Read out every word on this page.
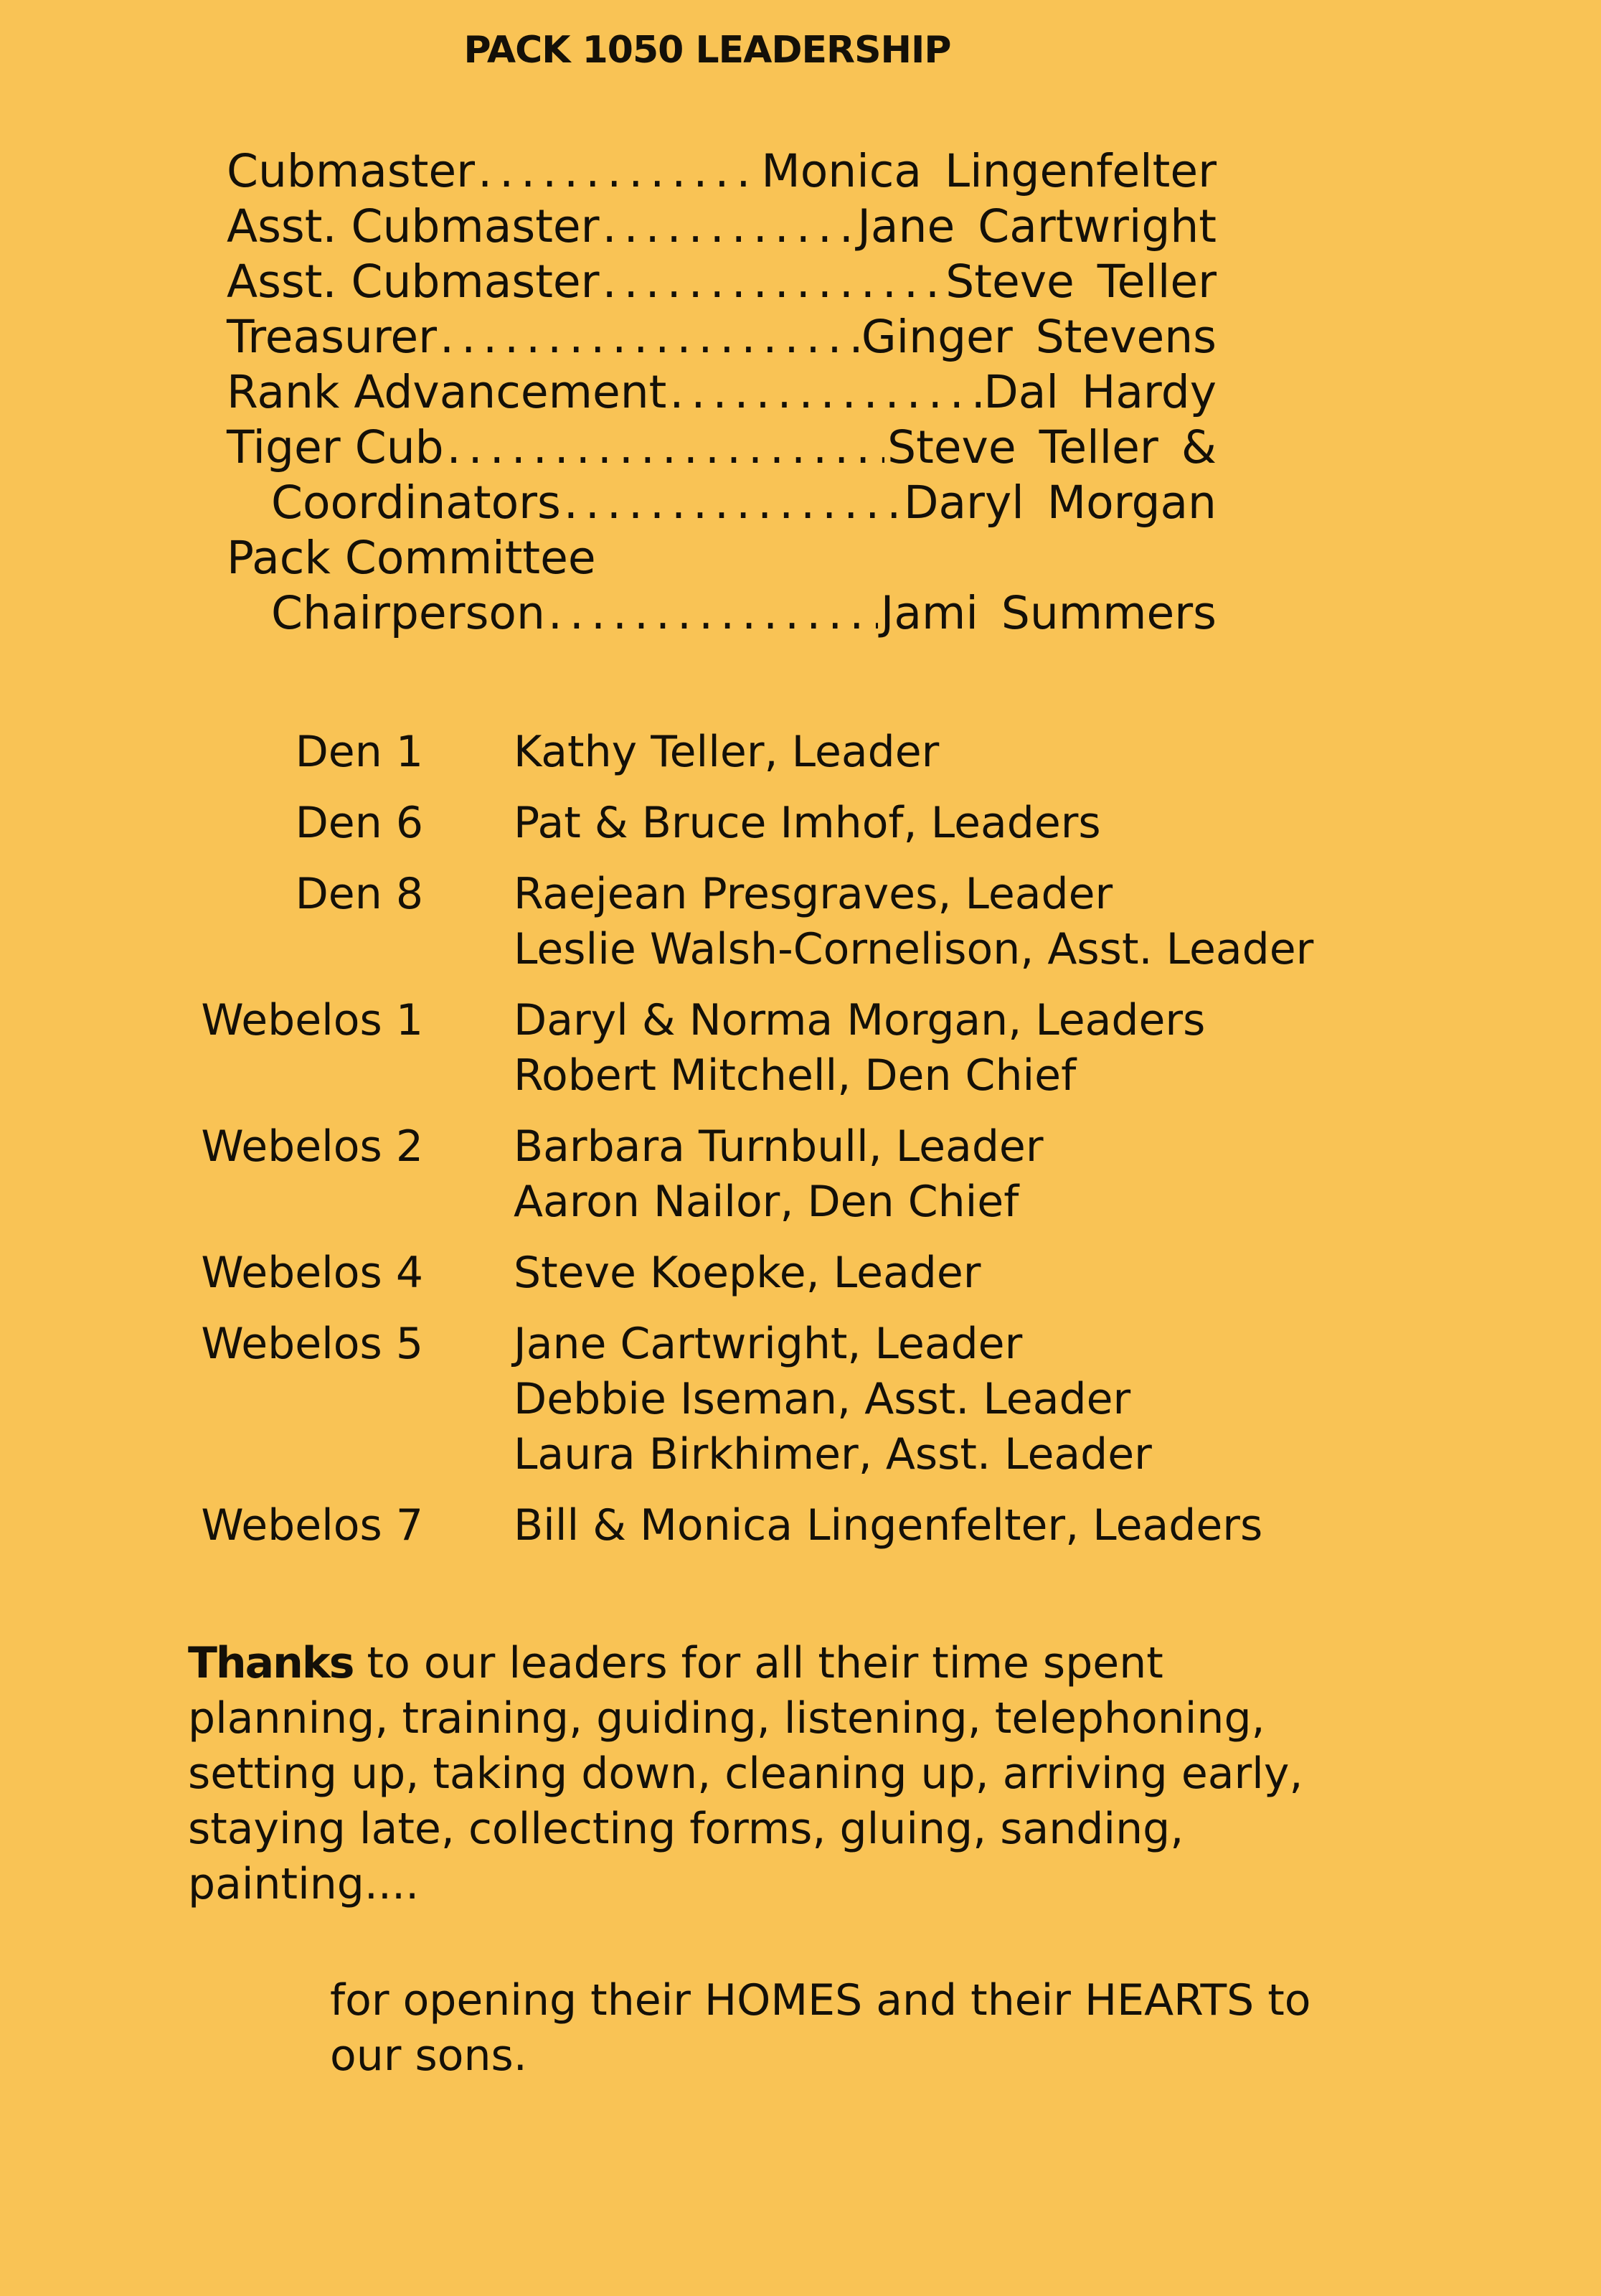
PACK 1050 LEADERSHIP
Cubmaster .....	Monica Lingenfelter
Asst. Cubmaster .....	Jane Cartwright
Asst. Cubmaster .....	Steve Teller
Treasurer .....	Ginger Stevens
Rank Advancement .....	Dal Hardy
Tiger Cub .....	Steve Teller &
Coordinators .....	Daryl Morgan
Pack Committee
Chairperson .....	Jami Summers
Den 1 Kathy Teller, Leader
Den 6 Pat & Bruce Imhof, Leaders
Den 8 Raejean Presgraves, Leader
Leslie Walsh-Cornelison, Asst. Leader
Webelos 1 Daryl & Norma Morgan, Leaders
Robert Mitchell, Den Chief
Webelos 2 Barbara Turnbull, Leader
Aaron Nailor, Den Chief
Webelos 4 Steve Koepke, Leader
Webelos 5 Jane Cartwright, Leader
Debbie Iseman, Asst. Leader
Laura Birkhimer, Asst. Leader
Webelos 7 Bill & Monica Lingenfelter, Leaders
Thanks to our leaders for all their time spent planning, training, guiding, listening, telephoning, setting up, taking down, cleaning up, arriving early, staying late, collecting forms, gluing, sanding, painting....
for opening their HOMES and their HEARTS to our sons.
